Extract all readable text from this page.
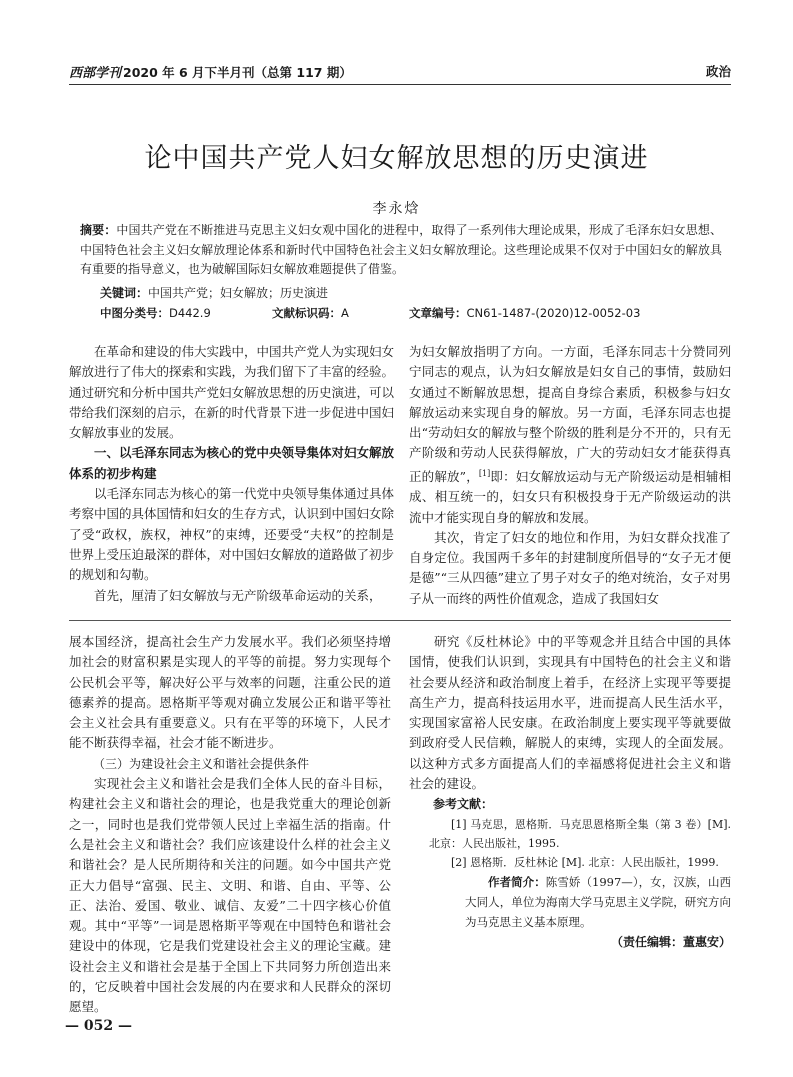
西部学刊 2020 年 6 月下半月刊（总第 117 期）	政治
论中国共产党人妇女解放思想的历史演进
李永焓
摘要：中国共产党在不断推进马克思主义妇女观中国化的进程中，取得了一系列伟大理论成果，形成了毛泽东妇女思想、中国特色社会主义妇女解放理论体系和新时代中国特色社会主义妇女解放理论。这些理论成果不仅对于中国妇女的解放具有重要的指导意义，也为破解国际妇女解放难题提供了借鉴。
关键词：中国共产党；妇女解放；历史演进
中图分类号：D442.9	文献标识码：A	文章编号：CN61-1487-(2020)12-0052-03

在革命和建设的伟大实践中，中国共产党人为实现妇女解放进行了伟大的探索和实践，为我们留下了丰富的经验。通过研究和分析中国共产党妇女解放思想的历史演进，可以带给我们深刻的启示，在新的时代背景下进一步促进中国妇女解放事业的发展。

一、以毛泽东同志为核心的党中央领导集体对妇女解放体系的初步构建

以毛泽东同志为核心的第一代党中央领导集体通过具体考察中国的具体国情和妇女的生存方式，认识到中国妇女除了受“政权，族权，神权”的束缚，还要受“夫权”的控制是世界上受压迫最深的群体，对中国妇女解放的道路做了初步的规划和勾勒。

首先，厘清了妇女解放与无产阶级革命运动的关系，

为妇女解放指明了方向。一方面，毛泽东同志十分赞同列宁同志的观点，认为妇女解放是妇女自己的事情，鼓励妇女通过不断解放思想，提高自身综合素质，积极参与妇女解放运动来实现自身的解放。另一方面，毛泽东同志也提出“劳动妇女的解放与整个阶级的胜利是分不开的，只有无产阶级和劳动人民获得解放，广大的劳动妇女才能获得真正的解放”，[1]即：妇女解放运动与无产阶级运动是相辅相成、相互统一的，妇女只有积极投身于无产阶级运动的洪流中才能实现自身的解放和发展。

其次，肯定了妇女的地位和作用，为妇女群众找准了自身定位。我国两千多年的封建制度所倡导的“女子无才便是德”“三从四德”建立了男子对女子的绝对统治，女子对男子从一而终的两性价值观念，造成了我国妇女

展本国经济，提高社会生产力发展水平。我们必须坚持增加社会的财富积累是实现人的平等的前提。努力实现每个公民机会平等，解决好公平与效率的问题，注重公民的道德素养的提高。恩格斯平等观对确立发展公正和谐平等社会主义社会具有重要意义。只有在平等的环境下，人民才能不断获得幸福，社会才能不断进步。

（三）为建设社会主义和谐社会提供条件

实现社会主义和谐社会是我们全体人民的奋斗目标，构建社会主义和谐社会的理论，也是我党重大的理论创新之一，同时也是我们党带领人民过上幸福生活的指南。什么是社会主义和谐社会？我们应该建设什么样的社会主义和谐社会？是人民所期待和关注的问题。如今中国共产党正大力倡导“富强、民主、文明、和谐、自由、平等、公正、法治、爱国、敬业、诚信、友爱”二十四字核心价值观。其中“平等”一词是恩格斯平等观在中国特色和谐社会建设中的体现，它是我们党建设社会主义的理论宝藏。建设社会主义和谐社会是基于全国上下共同努力所创造出来的，它反映着中国社会发展的内在要求和人民群众的深切愿望。

研究《反杜林论》中的平等观念并且结合中国的具体国情，使我们认识到，实现具有中国特色的社会主义和谐社会要从经济和政治制度上着手，在经济上实现平等要提高生产力，提高科技运用水平，进而提高人民生活水平，实现国家富裕人民安康。在政治制度上要实现平等就要做到政府受人民信赖，解脱人的束缚，实现人的全面发展。以这种方式多方面提高人们的幸福感将促进社会主义和谐社会的建设。

参考文献：

[1] 马克思，恩格斯．马克思恩格斯全集（第 3 卷）[M]. 北京：人民出版社，1995.

[2] 恩格斯．反杜林论 [M]. 北京：人民出版社，1999.

作者简介：陈雪娇（1997—），女，汉族，山西大同人，单位为海南大学马克思主义学院，研究方向为马克思主义基本原理。

（责任编辑：董惠安）

— 052 —
